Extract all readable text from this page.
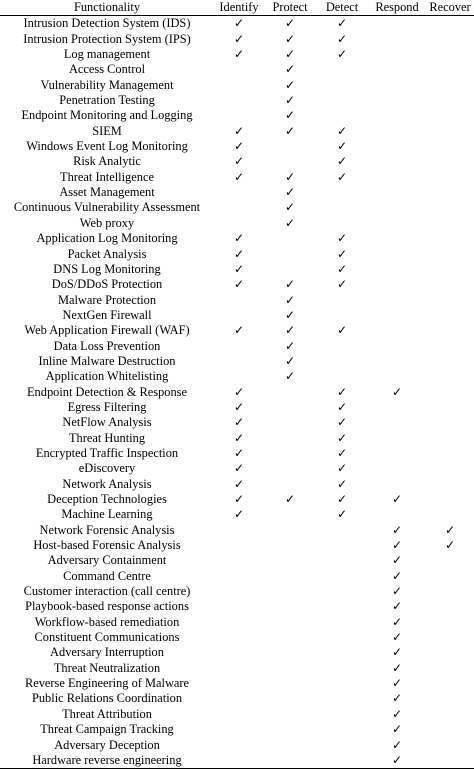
Functionality	Identify	Protect	Detect	Respond	Recover
Intrusion Detection System (IDS)	✓	✓	✓		
Intrusion Protection System (IPS)	✓	✓	✓		
Log management	✓	✓	✓		
Access Control		✓			
Vulnerability Management		✓			
Penetration Testing		✓			
Endpoint Monitoring and Logging		✓			
SIEM	✓	✓	✓		
Windows Event Log Monitoring	✓		✓		
Risk Analytic	✓		✓		
Threat Intelligence	✓	✓	✓		
Asset Management		✓			
Continuous Vulnerability Assessment		✓			
Web proxy		✓			
Application Log Monitoring	✓		✓		
Packet Analysis	✓		✓		
DNS Log Monitoring	✓		✓		
DoS/DDoS Protection	✓	✓	✓		
Malware Protection		✓			
NextGen Firewall		✓			
Web Application Firewall (WAF)	✓	✓	✓		
Data Loss Prevention		✓			
Inline Malware Destruction		✓			
Application Whitelisting		✓			
Endpoint Detection & Response	✓		✓	✓	
Egress Filtering	✓		✓		
NetFlow Analysis	✓		✓		
Threat Hunting	✓		✓		
Encrypted Traffic Inspection	✓		✓		
eDiscovery	✓		✓		
Network Analysis	✓		✓		
Deception Technologies	✓	✓	✓	✓	
Machine Learning	✓		✓		
Network Forensic Analysis				✓	✓
Host-based Forensic Analysis				✓	✓
Adversary Containment				✓	
Command Centre				✓	
Customer interaction (call centre)				✓	
Playbook-based response actions				✓	
Workflow-based remediation				✓	
Constituent Communications				✓	
Adversary Interruption				✓	
Threat Neutralization				✓	
Reverse Engineering of Malware				✓	
Public Relations Coordination				✓	
Threat Attribution				✓	
Threat Campaign Tracking				✓	
Adversary Deception				✓	
Hardware reverse engineering				✓	
